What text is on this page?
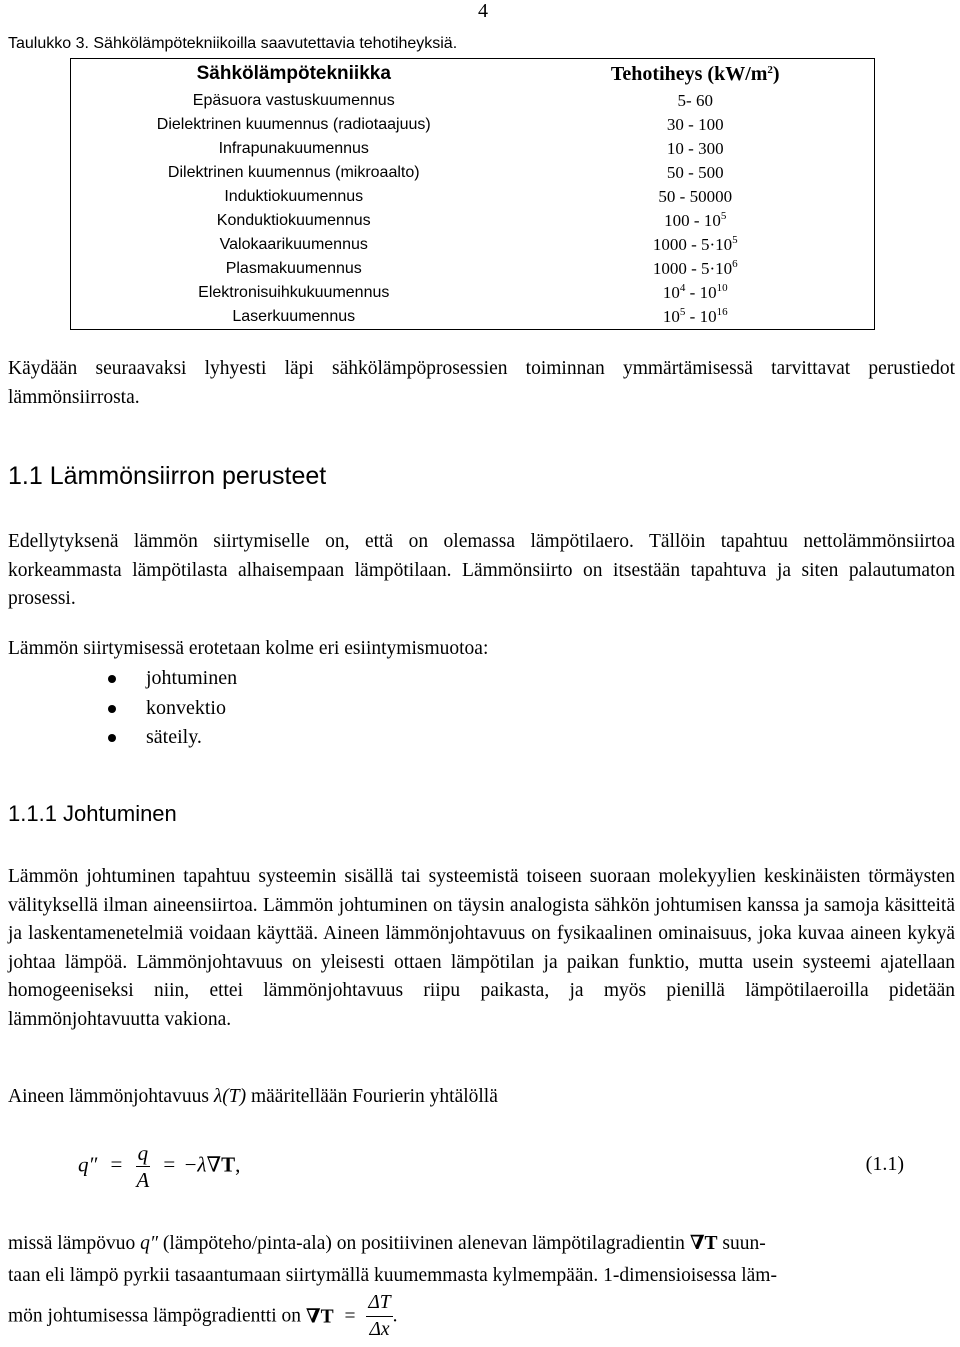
4
Taulukko 3. Sähkölämpötekniikoilla saavutettavia tehotiheyksiä.
Sähkölämpötekniikka	Tehotiheys $(kW/m^2)$
Epäsuora vastuskuumennus	5- 60
Dielektrinen kuumennus (radiotaajuus)	30 - 100
Infrapunakuumennus	10 - 300
Dilektrinen kuumennus (mikroaalto)	50 - 500
Induktiokuumennus	50 - 50000
Konduktiokuumennus	$100 - 10^5$
Valokaarikuumennus	$1000 - 5\cdot 10^5$
Plasmakuumennus	$1000 - 5\cdot 10^6$
Elektronisuihkukuumennus	$10^4 - 10^{10}$
Laserkuumennus	$10^5 - 10^{16}$
Käydään seuraavaksi lyhyesti läpi sähkölämpöprosessien toiminnan ymmärtämisessä tarvittavat perustiedot lämmönsiirrosta.
1.1 Lämmönsiirron perusteet
Edellytyksenä lämmön siirtymiselle on, että on olemassa lämpötilaero. Tällöin tapahtuu nettolämmönsiirtoa korkeammasta lämpötilasta alhaisempaan lämpötilaan. Lämmönsiirto on itsestään tapahtuva ja siten palautumaton prosessi.
Lämmön siirtymisessä erotetaan kolme eri esiintymismuotoa:
johtuminen
konvektio
säteily.
1.1.1 Johtuminen
Lämmön johtuminen tapahtuu systeemin sisällä tai systeemistä toiseen suoraan molekyylien keskinäisten törmäysten välityksellä ilman aineensiirtoa. Lämmön johtuminen on täysin analogista sähkön johtumisen kanssa ja samoja käsitteitä ja laskentamenetelmiä voidaan käyttää. Aineen lämmönjohtavuus on fysikaalinen ominaisuus, joka kuvaa aineen kykyä johtaa lämpöä. Lämmönjohtavuus on yleisesti ottaen lämpötilan ja paikan funktio, mutta usein systeemi ajatellaan homogeeniseksi niin, ettei lämmönjohtavuus riipu paikasta, ja myös pienillä lämpötilaeroilla pidetään lämmönjohtavuutta vakiona.
Aineen lämmönjohtavuus λ(T) määritellään Fourierin yhtälöllä
$q'' = \frac{q}{A} = -\lambda\nabla T$,	(1.1)
missä lämpövuo q″ (lämpöteho/pinta-ala) on positiivinen alenevan lämpötilagradientin ∇T suun-
taan eli lämpö pyrkii tasaantumaan siirtymällä kuumemmasta kylmempään. 1-dimensioisessa läm-
mön johtumisessa lämpögradientti on $\nabla T = \frac{\Delta T}{\Delta x}$ .
